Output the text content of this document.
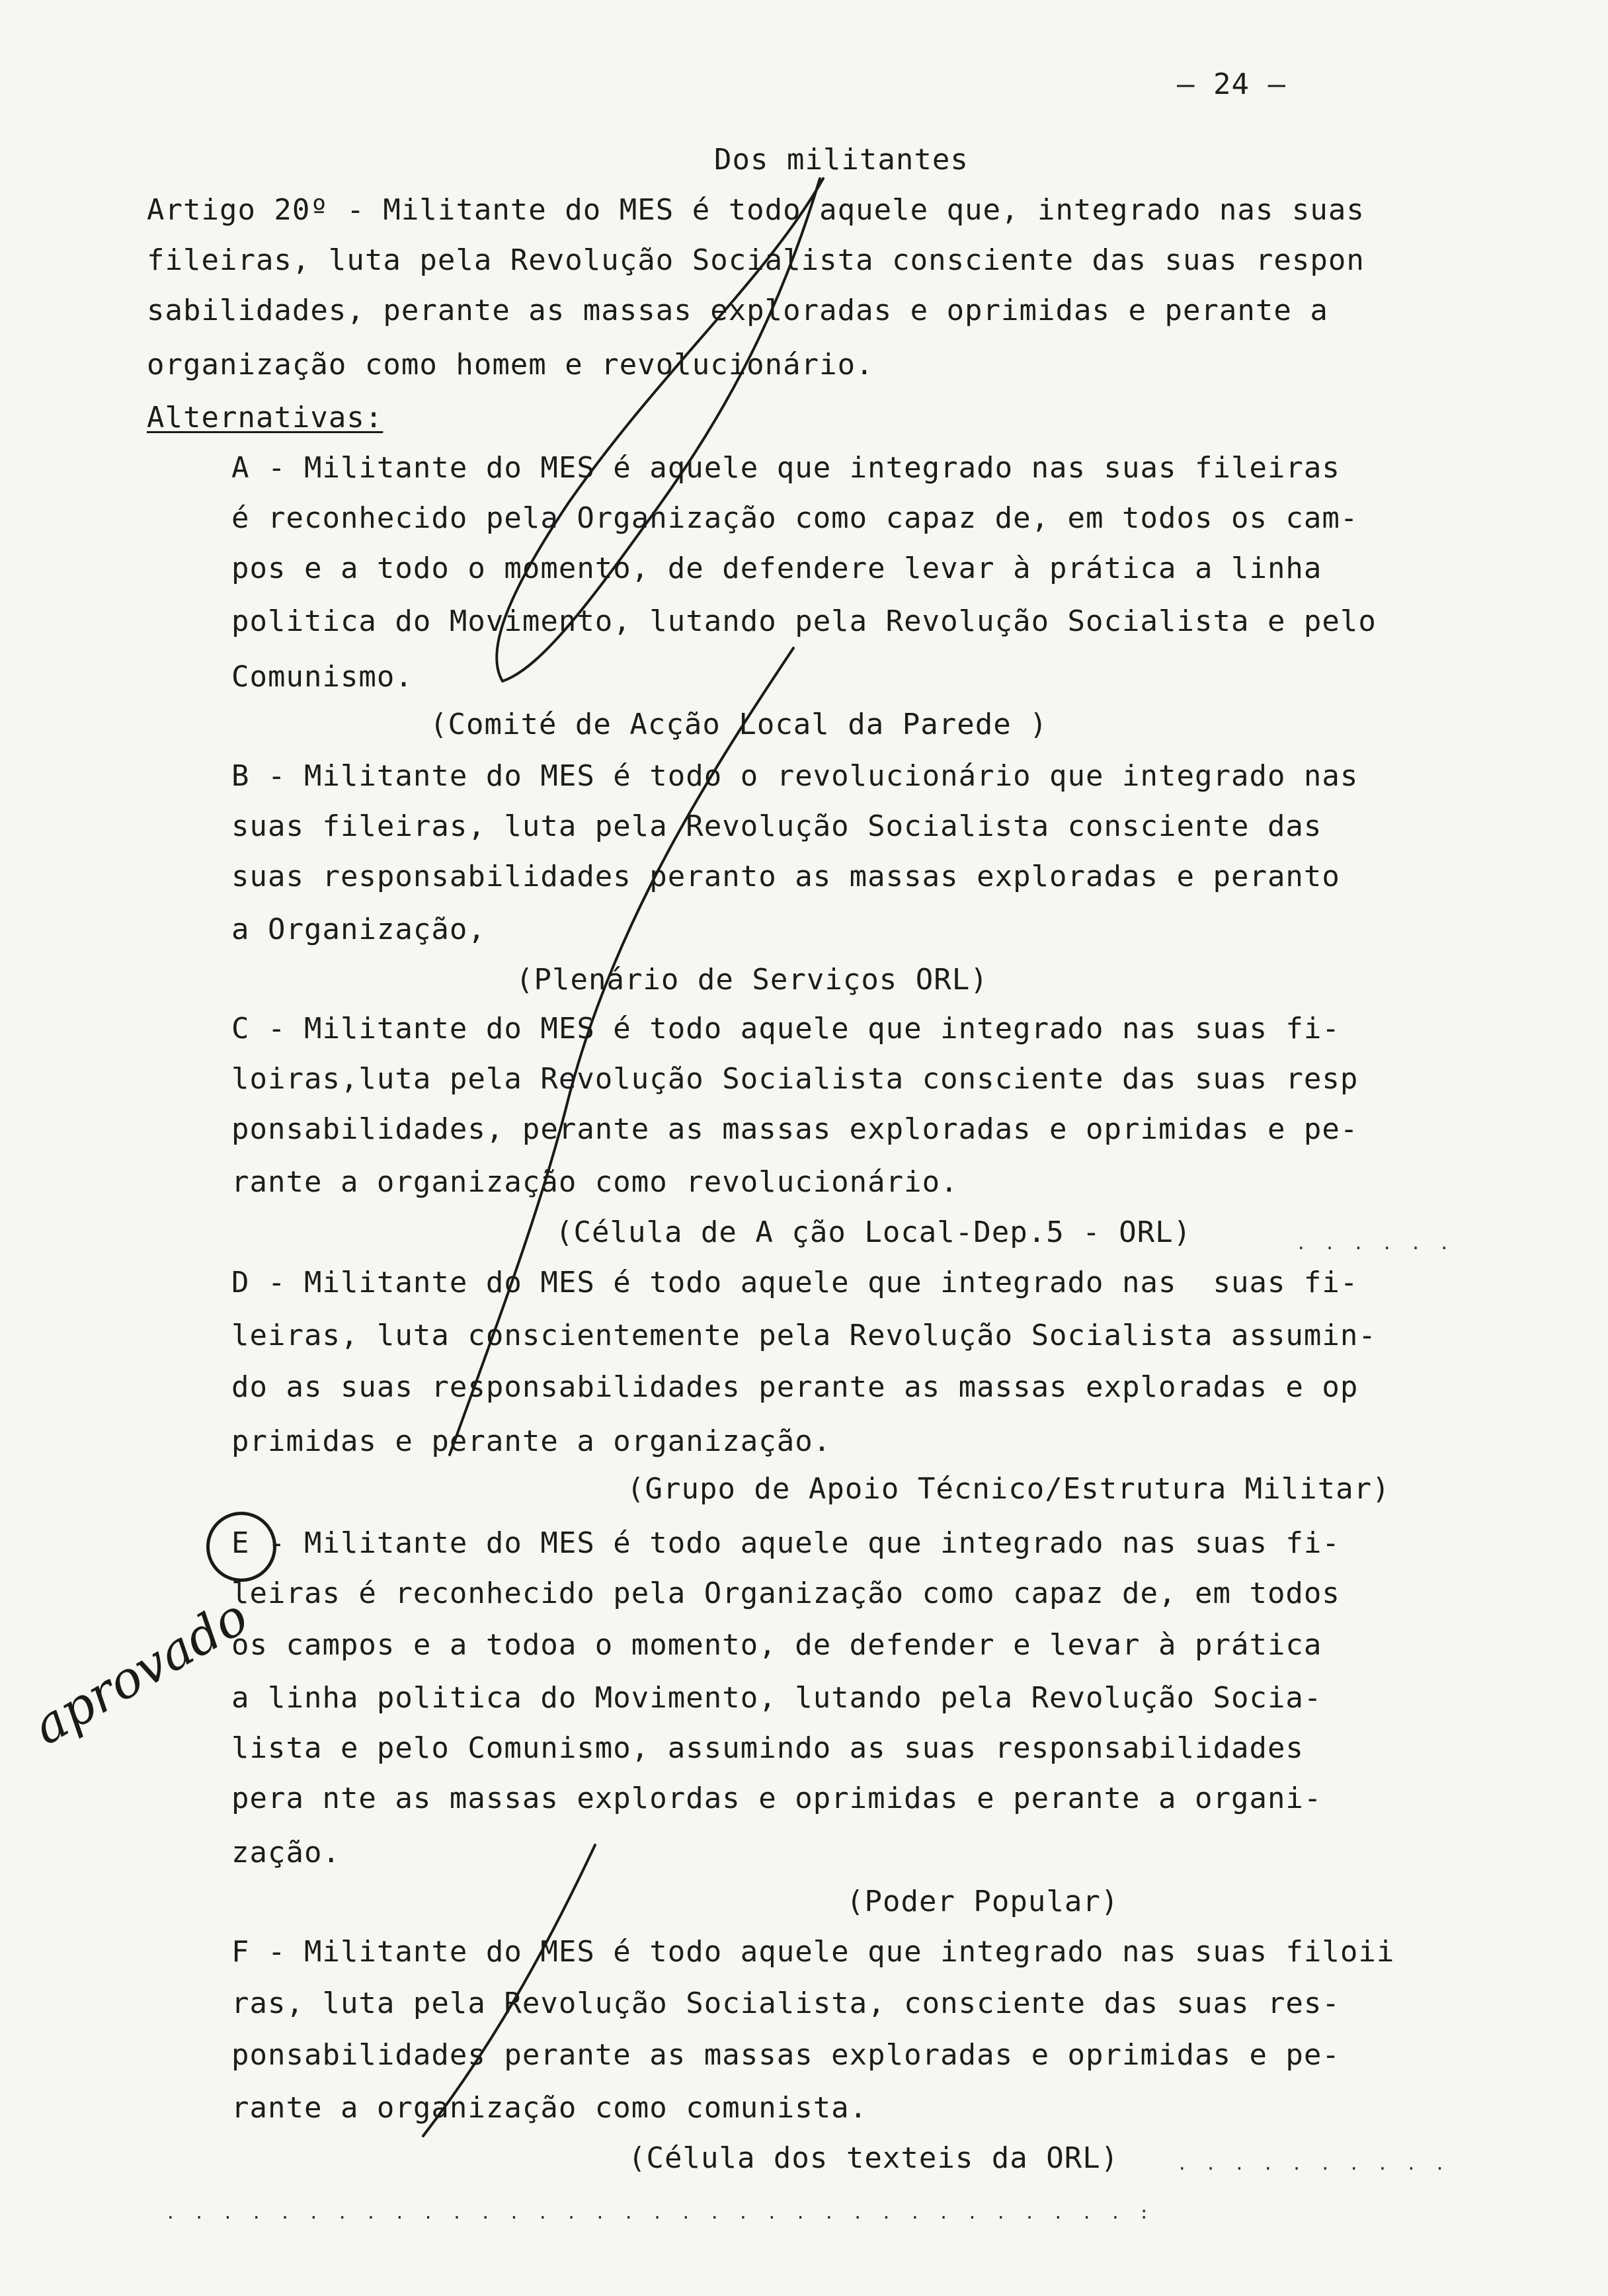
– 24 –
Dos militantes
Artigo 20º - Militante do MES é todo aquele que, integrado nas suas
fileiras, luta pela Revolução Socialista consciente das suas respon
sabilidades, perante as massas exploradas e oprimidas e perante a
organização como homem e revolucionário.
Alternativas:
A - Militante do MES é aquele que integrado nas suas fileiras
é reconhecido pela Organização como capaz de, em todos os cam-
pos e a todo o momento, de defendere levar à prática a linha
politica do Movimento, lutando pela Revolução Socialista e pelo
Comunismo.
(Comité de Acção Local da Parede )
B - Militante do MES é todo o revolucionário que integrado nas
suas fileiras, luta pela Revolução Socialista consciente das
suas responsabilidades peranto as massas exploradas e peranto
a Organização,
(Plenário de Serviços ORL)
C - Militante do MES é todo aquele que integrado nas suas fi-
loiras,luta pela Revolução Socialista consciente das suas resp
ponsabilidades, perante as massas exploradas e oprimidas e pe-
rante a organização como revolucionário.
(Célula de A ção Local-Dep.5 - ORL)
D - Militante do MES é todo aquele que integrado nas  suas fi-
leiras, luta conscientemente pela Revolução Socialista assumin-
do as suas responsabilidades perante as massas exploradas e op
primidas e perante a organização.
(Grupo de Apoio Técnico/Estrutura Militar)
E - Militante do MES é todo aquele que integrado nas suas fi-
leiras é reconhecido pela Organização como capaz de, em todos
os campos e a todoa o momento, de defender e levar à prática
a linha politica do Movimento, lutando pela Revolução Socia-
lista e pelo Comunismo, assumindo as suas responsabilidades
pera nte as massas explordas e oprimidas e perante a organi-
zação.
(Poder Popular)
F - Militante do MES é todo aquele que integrado nas suas filoii
ras, luta pela Revolução Socialista, consciente das suas res-
ponsabilidades perante as massas exploradas e oprimidas e pe-
rante a organização como comunista.
(Célula dos texteis da ORL)
. . . . . .
. . . . . . . . . .
. . . . . . . . . . . . . . . . . . . . . . . . . . . . . . . . . . :
aprovado
